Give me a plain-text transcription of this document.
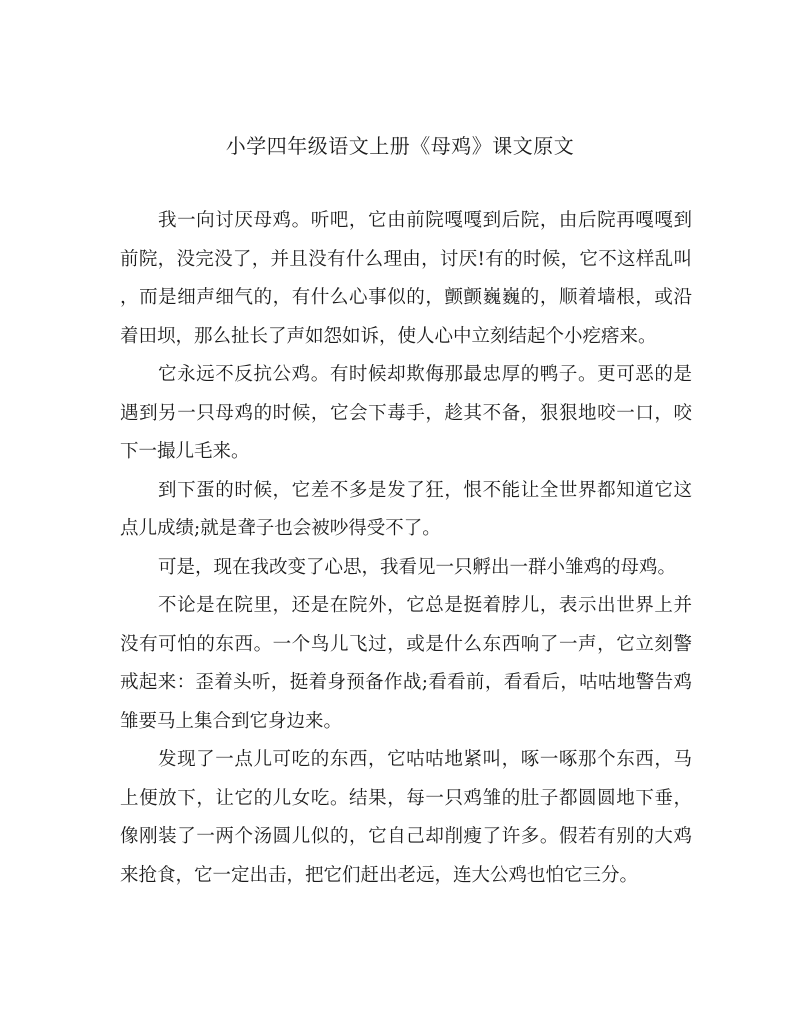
小学四年级语文上册《母鸡》课文原文
我一向讨厌母鸡。听吧，它由前院嘎嘎到后院，由后院再嘎嘎到
前院，没完没了，并且没有什么理由，讨厌!有的时候，它不这样乱叫
，而是细声细气的，有什么心事似的，颤颤巍巍的，顺着墙根，或沿
着田坝，那么扯长了声如怨如诉，使人心中立刻结起个小疙瘩来。
它永远不反抗公鸡。有时候却欺侮那最忠厚的鸭子。更可恶的是
遇到另一只母鸡的时候，它会下毒手，趁其不备，狠狠地咬一口，咬
下一撮儿毛来。
到下蛋的时候，它差不多是发了狂，恨不能让全世界都知道它这
点儿成绩;就是聋子也会被吵得受不了。
可是，现在我改变了心思，我看见一只孵出一群小雏鸡的母鸡。
不论是在院里，还是在院外，它总是挺着脖儿，表示出世界上并
没有可怕的东西。一个鸟儿飞过，或是什么东西响了一声，它立刻警
戒起来：歪着头听，挺着身预备作战;看看前，看看后，咕咕地警告鸡
雏要马上集合到它身边来。
发现了一点儿可吃的东西，它咕咕地紧叫，啄一啄那个东西，马
上便放下，让它的儿女吃。结果，每一只鸡雏的肚子都圆圆地下垂，
像刚装了一两个汤圆儿似的，它自己却削瘦了许多。假若有别的大鸡
来抢食，它一定出击，把它们赶出老远，连大公鸡也怕它三分。
